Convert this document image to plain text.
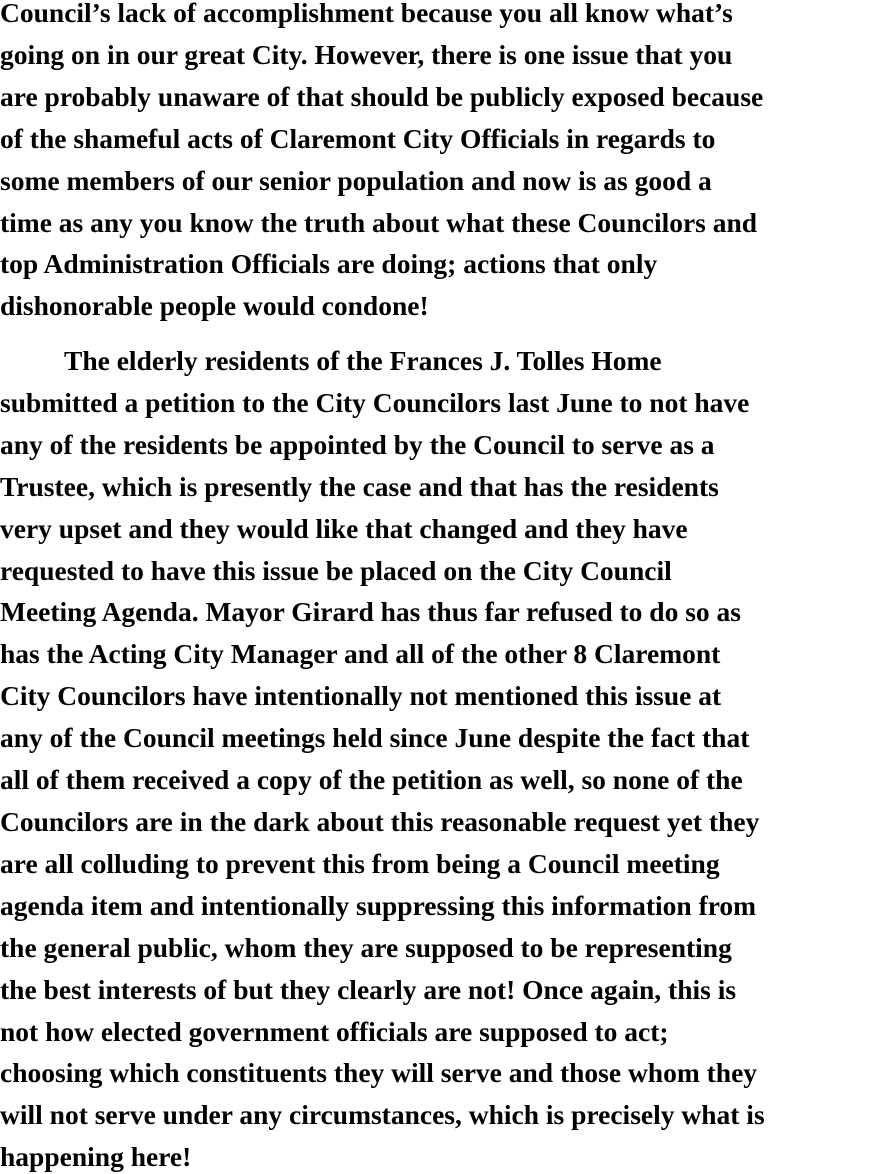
Council’s lack of accomplishment because you all know what’s
going on in our great City. However, there is one issue that you
are probably unaware of that should be publicly exposed because
of the shameful acts of Claremont City Officials in regards to
some members of our senior population and now is as good a
time as any you know the truth about what these Councilors and
top Administration Officials are doing; actions that only
dishonorable people would condone!

The elderly residents of the Frances J. Tolles Home
submitted a petition to the City Councilors last June to not have
any of the residents be appointed by the Council to serve as a
Trustee, which is presently the case and that has the residents
very upset and they would like that changed and they have
requested to have this issue be placed on the City Council
Meeting Agenda. Mayor Girard has thus far refused to do so as
has the Acting City Manager and all of the other 8 Claremont
City Councilors have intentionally not mentioned this issue at
any of the Council meetings held since June despite the fact that
all of them received a copy of the petition as well, so none of the
Councilors are in the dark about this reasonable request yet they
are all colluding to prevent this from being a Council meeting
agenda item and intentionally suppressing this information from
the general public, whom they are supposed to be representing
the best interests of but they clearly are not! Once again, this is
not how elected government officials are supposed to act;
choosing which constituents they will serve and those whom they
will not serve under any circumstances, which is precisely what is
happening here!
